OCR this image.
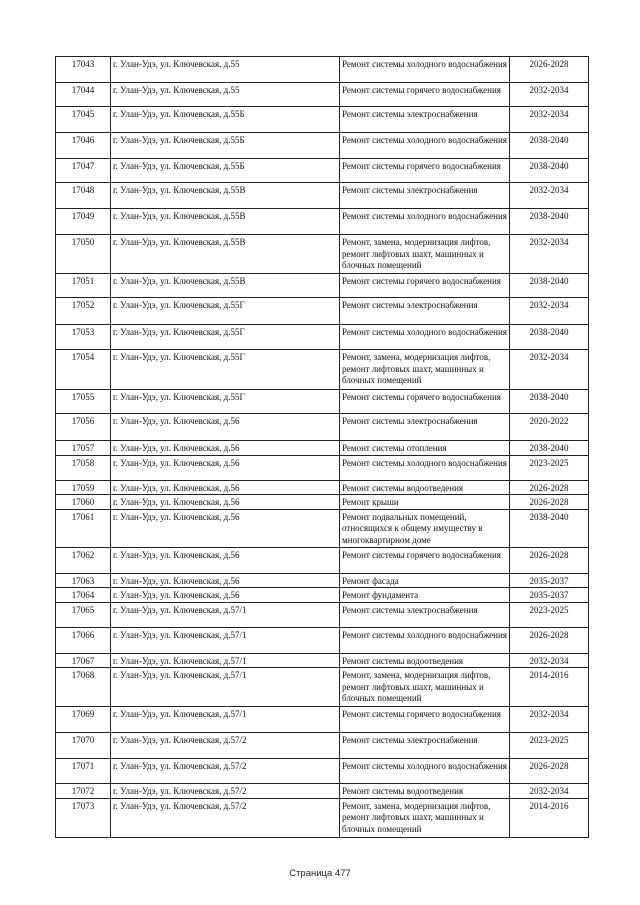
17043	г. Улан-Удэ, ул. Ключевская, д.55	Ремонт системы холодного водоснабжения	2026-2028
17044	г. Улан-Удэ, ул. Ключевская, д.55	Ремонт системы горячего водоснабжения	2032-2034
17045	г. Улан-Удэ, ул. Ключевская, д.55Б	Ремонт системы электроснабжения	2032-2034
17046	г. Улан-Удэ, ул. Ключевская, д.55Б	Ремонт системы холодного водоснабжения	2038-2040
17047	г. Улан-Удэ, ул. Ключевская, д.55Б	Ремонт системы горячего водоснабжения	2038-2040
17048	г. Улан-Удэ, ул. Ключевская, д.55В	Ремонт системы электроснабжения	2032-2034
17049	г. Улан-Удэ, ул. Ключевская, д.55В	Ремонт системы холодного водоснабжения	2038-2040
17050	г. Улан-Удэ, ул. Ключевская, д.55В	Ремонт, замена, модернизация лифтов, ремонт лифтовых шахт, машинных и блочных помещений	2032-2034
17051	г. Улан-Удэ, ул. Ключевская, д.55В	Ремонт системы горячего водоснабжения	2038-2040
17052	г. Улан-Удэ, ул. Ключевская, д.55Г	Ремонт системы электроснабжения	2032-2034
17053	г. Улан-Удэ, ул. Ключевская, д.55Г	Ремонт системы холодного водоснабжения	2038-2040
17054	г. Улан-Удэ, ул. Ключевская, д.55Г	Ремонт, замена, модернизация лифтов, ремонт лифтовых шахт, машинных и блочных помещений	2032-2034
17055	г. Улан-Удэ, ул. Ключевская, д.55Г	Ремонт системы горячего водоснабжения	2038-2040
17056	г. Улан-Удэ, ул. Ключевская, д.56	Ремонт системы электроснабжения	2020-2022
17057	г. Улан-Удэ, ул. Ключевская, д.56	Ремонт системы отопления	2038-2040
17058	г. Улан-Удэ, ул. Ключевская, д.56	Ремонт системы холодного водоснабжения	2023-2025
17059	г. Улан-Удэ, ул. Ключевская, д.56	Ремонт системы водоотведения	2026-2028
17060	г. Улан-Удэ, ул. Ключевская, д.56	Ремонт крыши	2026-2028
17061	г. Улан-Удэ, ул. Ключевская, д.56	Ремонт подвальных помещений, относящихся к общему имуществу в многоквартирном доме	2038-2040
17062	г. Улан-Удэ, ул. Ключевская, д.56	Ремонт системы горячего водоснабжения	2026-2028
17063	г. Улан-Удэ, ул. Ключевская, д.56	Ремонт фасада	2035-2037
17064	г. Улан-Удэ, ул. Ключевская, д.56	Ремонт фундамента	2035-2037
17065	г. Улан-Удэ, ул. Ключевская, д.57/1	Ремонт системы электроснабжения	2023-2025
17066	г. Улан-Удэ, ул. Ключевская, д.57/1	Ремонт системы холодного водоснабжения	2026-2028
17067	г. Улан-Удэ, ул. Ключевская, д.57/1	Ремонт системы водоотведения	2032-2034
17068	г. Улан-Удэ, ул. Ключевская, д.57/1	Ремонт, замена, модернизация лифтов, ремонт лифтовых шахт, машинных и блочных помещений	2014-2016
17069	г. Улан-Удэ, ул. Ключевская, д.57/1	Ремонт системы горячего водоснабжения	2032-2034
17070	г. Улан-Удэ, ул. Ключевская, д.57/2	Ремонт системы электроснабжения	2023-2025
17071	г. Улан-Удэ, ул. Ключевская, д.57/2	Ремонт системы холодного водоснабжения	2026-2028
17072	г. Улан-Удэ, ул. Ключевская, д.57/2	Ремонт системы водоотведения	2032-2034
17073	г. Улан-Удэ, ул. Ключевская, д.57/2	Ремонт, замена, модернизация лифтов, ремонт лифтовых шахт, машинных и блочных помещений	2014-2016
Страница 477
